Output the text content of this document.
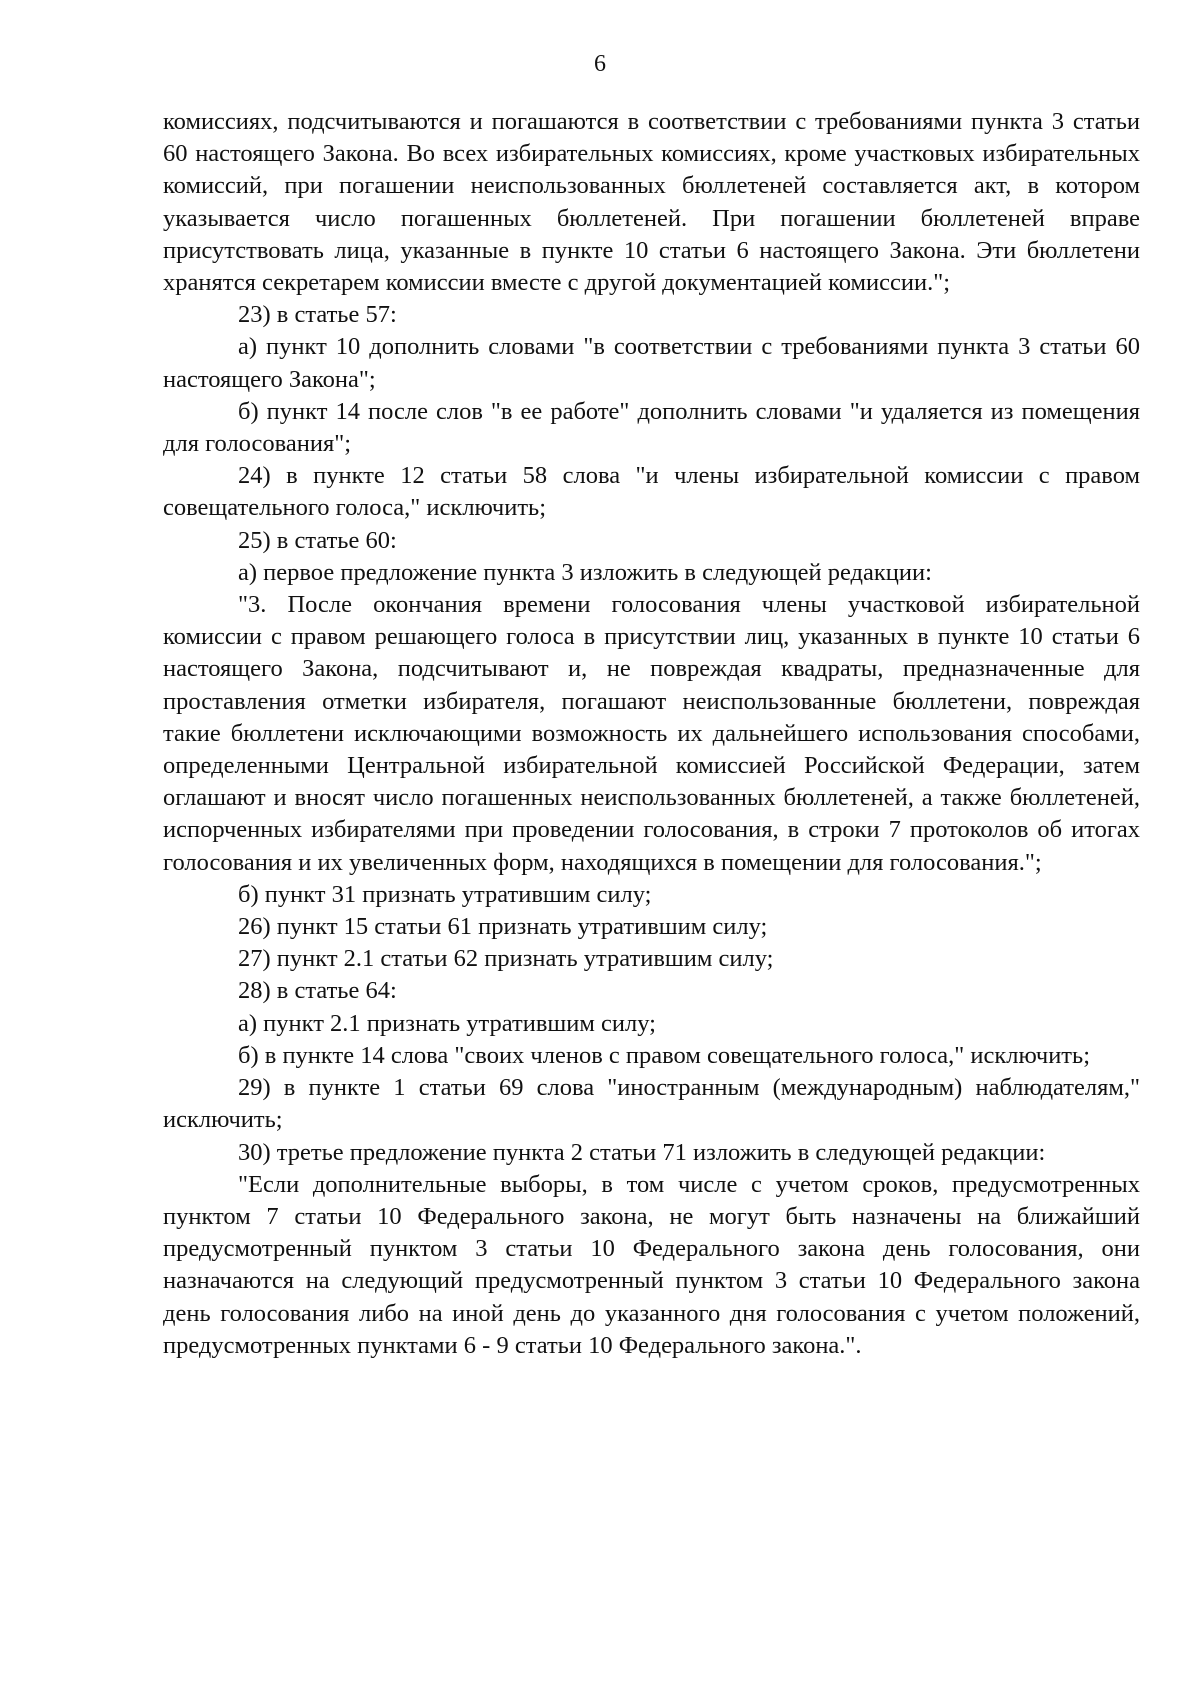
6

комиссиях, подсчитываются и погашаются в соответствии с требованиями пункта 3 статьи 60 настоящего Закона. Во всех избирательных комиссиях, кроме участковых избирательных комиссий, при погашении неиспользованных бюллетеней составляется акт, в котором указывается число погашенных бюллетеней. При погашении бюллетеней вправе присутствовать лица, указанные в пункте 10 статьи 6 настоящего Закона. Эти бюллетени хранятся секретарем комиссии вместе с другой документацией комиссии.";

23) в статье 57:

а) пункт 10 дополнить словами "в соответствии с требованиями пункта 3 статьи 60 настоящего Закона";

б) пункт 14 после слов "в ее работе" дополнить словами "и удаляется из помещения для голосования";

24) в пункте 12 статьи 58 слова "и члены избирательной комиссии с правом совещательного голоса," исключить;

25) в статье 60:

а) первое предложение пункта 3 изложить в следующей редакции:

"3. После окончания времени голосования члены участковой избирательной комиссии с правом решающего голоса в присутствии лиц, указанных в пункте 10 статьи 6 настоящего Закона, подсчитывают и, не повреждая квадраты, предназначенные для проставления отметки избирателя, погашают неиспользованные бюллетени, повреждая такие бюллетени исключающими возможность их дальнейшего использования способами, определенными Центральной избирательной комиссией Российской Федерации, затем оглашают и вносят число погашенных неиспользованных бюллетеней, а также бюллетеней, испорченных избирателями при проведении голосования, в строки 7 протоколов об итогах голосования и их увеличенных форм, находящихся в помещении для голосования.";

б) пункт 31 признать утратившим силу;

26) пункт 15 статьи 61 признать утратившим силу;

27) пункт 2.1 статьи 62 признать утратившим силу;

28) в статье 64:

а) пункт 2.1 признать утратившим силу;

б) в пункте 14 слова "своих членов с правом совещательного голоса," исключить;

29) в пункте 1 статьи 69 слова "иностранным (международным) наблюдателям," исключить;

30) третье предложение пункта 2 статьи 71 изложить в следующей редакции:

"Если дополнительные выборы, в том числе с учетом сроков, предусмотренных пунктом 7 статьи 10 Федерального закона, не могут быть назначены на ближайший предусмотренный пунктом 3 статьи 10 Федерального закона день голосования, они назначаются на следующий предусмотренный пунктом 3 статьи 10 Федерального закона день голосования либо на иной день до указанного дня голосования с учетом положений, предусмотренных пунктами 6 - 9 статьи 10 Федерального закона.".
